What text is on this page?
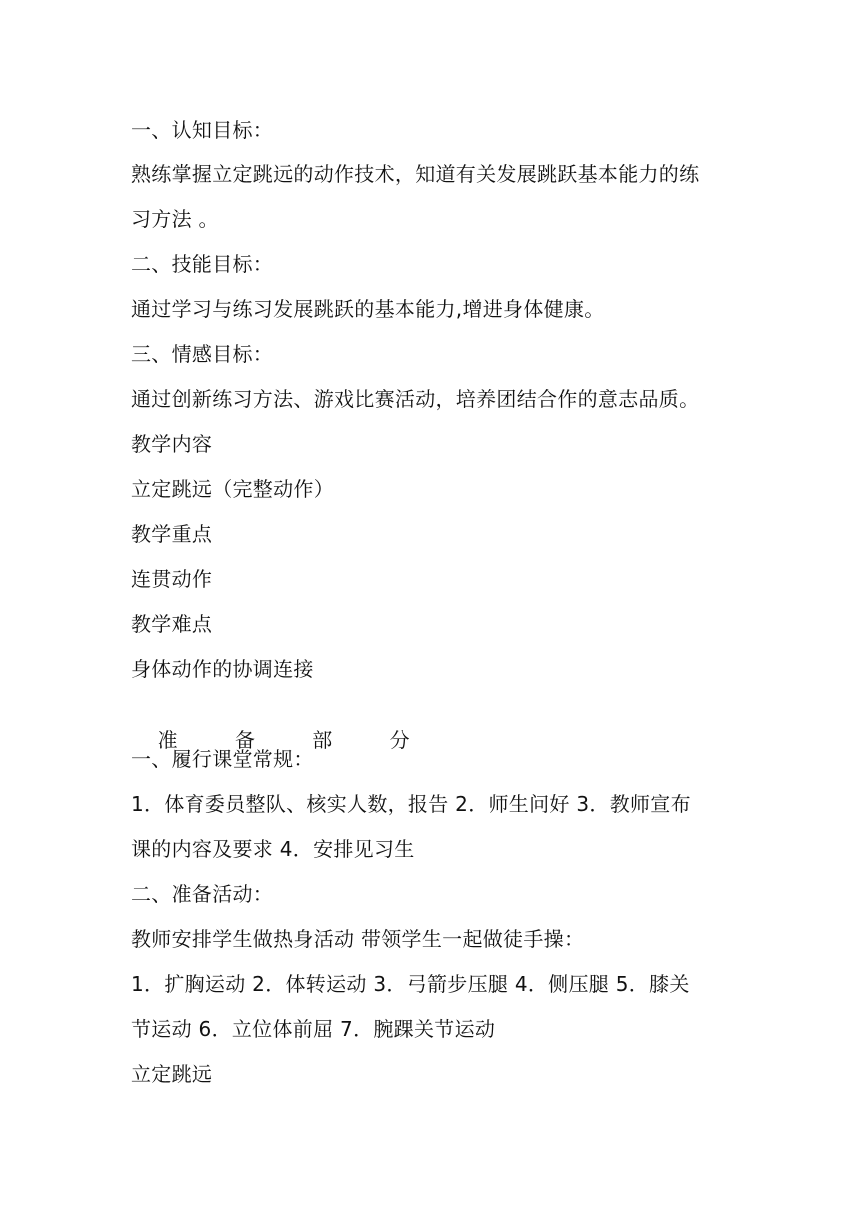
一、认知目标：
熟练掌握立定跳远的动作技术，知道有关发展跳跃基本能力的练
习方法 。
二、技能目标：
通过学习与练习发展跳跃的基本能力,增进身体健康。
三、情感目标：
通过创新练习方法、游戏比赛活动，培养团结合作的意志品质。
教学内容
立定跳远（完整动作）
教学重点
连贯动作
教学难点
身体动作的协调连接

准	备	部	分

一、履行课堂常规：
1．体育委员整队、核实人数，报告 2．师生问好 3．教师宣布
课的内容及要求 4．安排见习生
二、准备活动：
教师安排学生做热身活动 带领学生一起做徒手操：
1．扩胸运动 2．体转运动 3．弓箭步压腿 4．侧压腿 5．膝关
节运动 6．立位体前屈 7．腕踝关节运动
立定跳远
